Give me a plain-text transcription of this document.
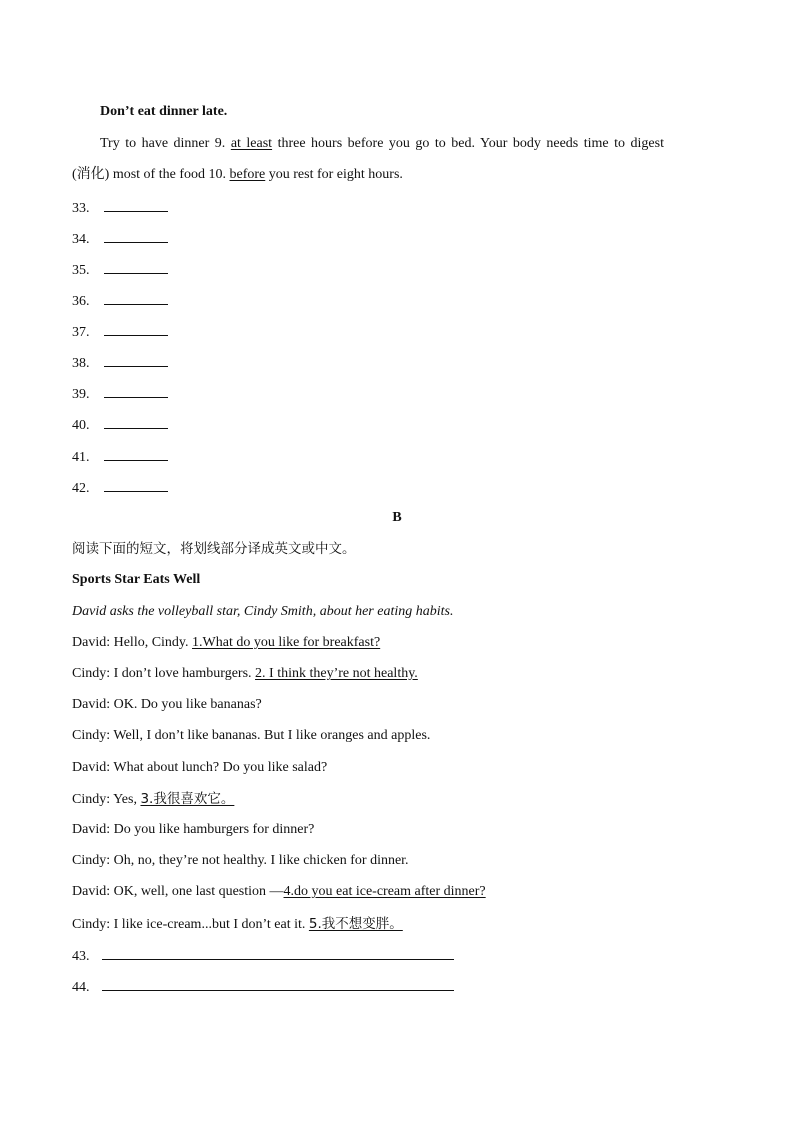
Don’t eat dinner late.
Try to have dinner 9. at least three hours before you go to bed. Your body needs time to digest
(消化) most of the food 10. before you rest for eight hours.
33.
34.
35.
36.
37.
38.
39.
40.
41.
42.
B
阅读下面的短文，将划线部分译成英文或中文。
Sports Star Eats Well
David asks the volleyball star, Cindy Smith, about her eating habits.
David: Hello, Cindy. 1.What do you like for breakfast?
Cindy: I don’t love hamburgers. 2. I think they’re not healthy.
David: OK. Do you like bananas?
Cindy: Well, I don’t like bananas. But I like oranges and apples.
David: What about lunch? Do you like salad?
Cindy: Yes, 3.我很喜欢它。
David: Do you like hamburgers for dinner?
Cindy: Oh, no, they’re not healthy. I like chicken for dinner.
David: OK, well, one last question —4.do you eat ice-cream after dinner?
Cindy: I like ice-cream...but I don’t eat it. 5.我不想变胖。
43.
44.
